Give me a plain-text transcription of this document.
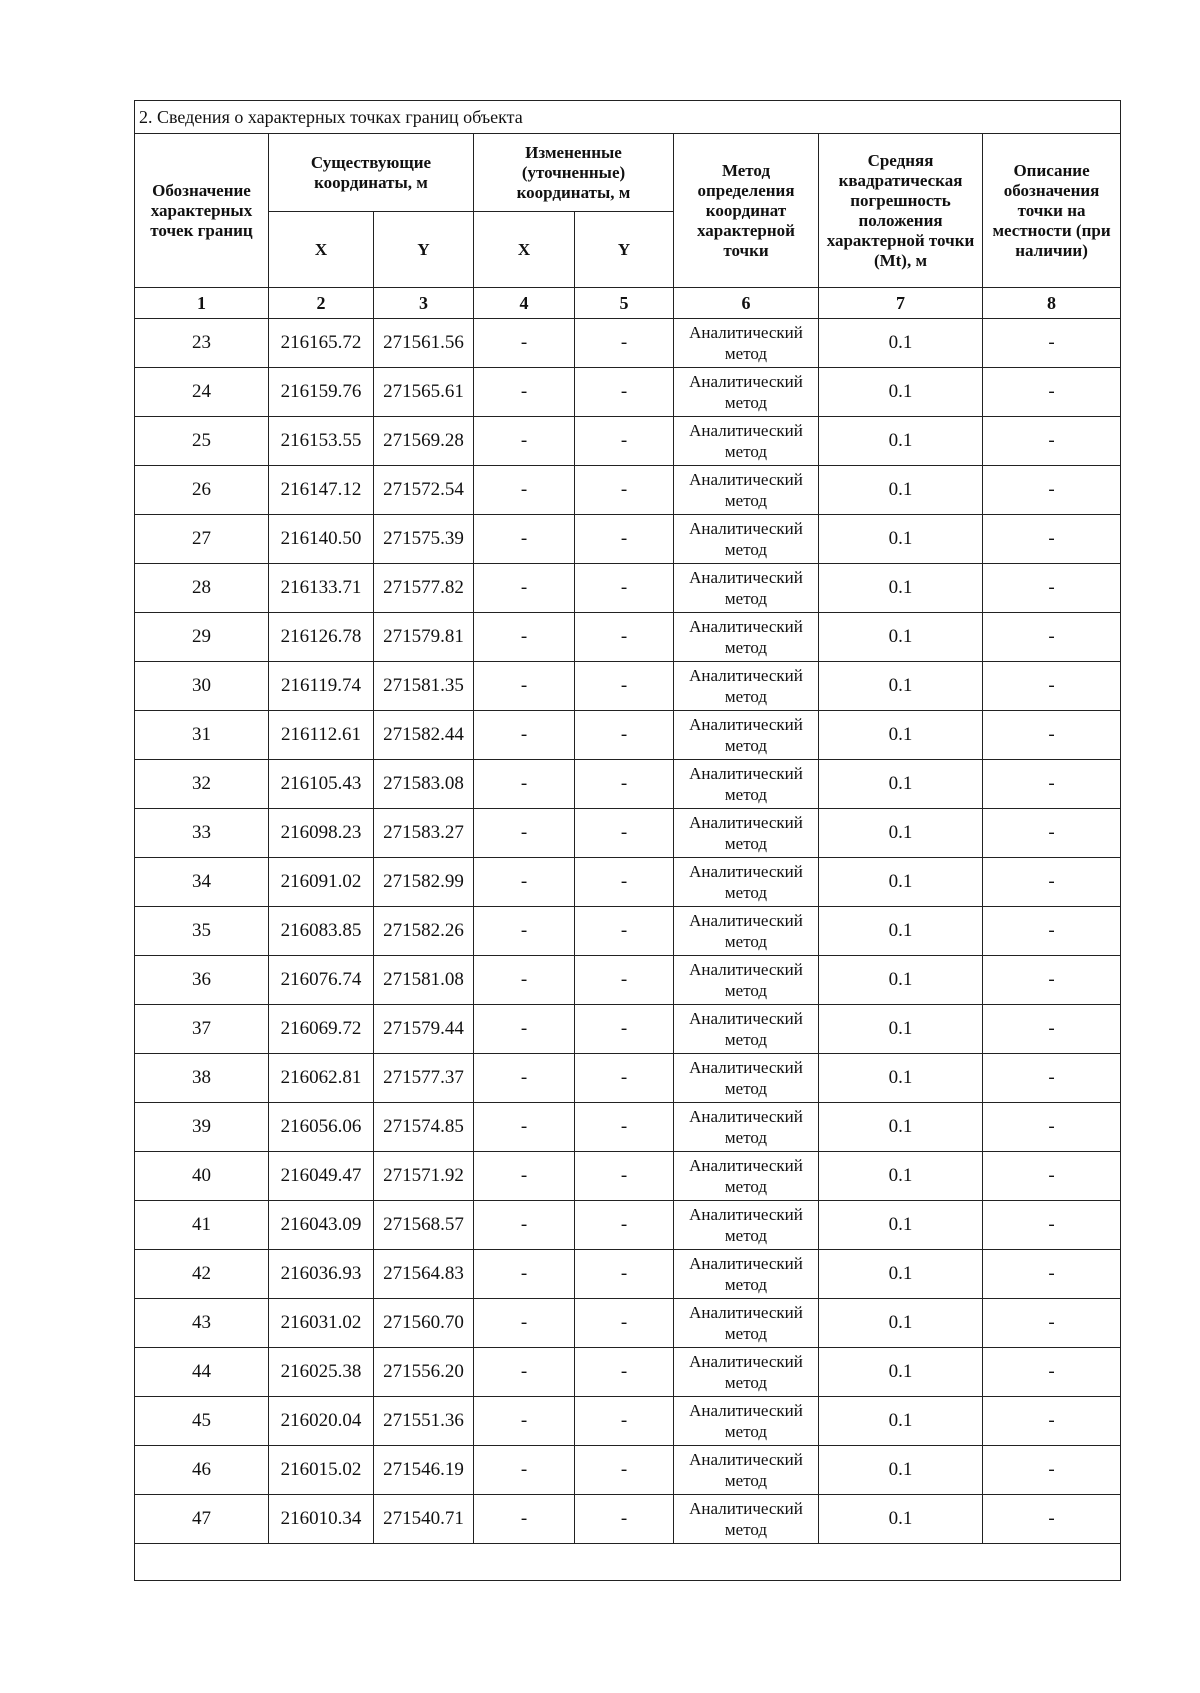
2. Сведения о характерных точках границ объекта							
Обозначение характерных точек границ	Существующие координаты, м		Измененные (уточненные) координаты, м		Метод определения координат характерной точки	Средняя квадратическая погрешность положения характерной точки (Mt), м	Описание обозначения точки на местности (при наличии)
	X	Y	X	Y			
1	2	3	4	5	6	7	8
23	216165.72	271561.56	-	-	Аналитический метод	0.1	-
24	216159.76	271565.61	-	-	Аналитический метод	0.1	-
25	216153.55	271569.28	-	-	Аналитический метод	0.1	-
26	216147.12	271572.54	-	-	Аналитический метод	0.1	-
27	216140.50	271575.39	-	-	Аналитический метод	0.1	-
28	216133.71	271577.82	-	-	Аналитический метод	0.1	-
29	216126.78	271579.81	-	-	Аналитический метод	0.1	-
30	216119.74	271581.35	-	-	Аналитический метод	0.1	-
31	216112.61	271582.44	-	-	Аналитический метод	0.1	-
32	216105.43	271583.08	-	-	Аналитический метод	0.1	-
33	216098.23	271583.27	-	-	Аналитический метод	0.1	-
34	216091.02	271582.99	-	-	Аналитический метод	0.1	-
35	216083.85	271582.26	-	-	Аналитический метод	0.1	-
36	216076.74	271581.08	-	-	Аналитический метод	0.1	-
37	216069.72	271579.44	-	-	Аналитический метод	0.1	-
38	216062.81	271577.37	-	-	Аналитический метод	0.1	-
39	216056.06	271574.85	-	-	Аналитический метод	0.1	-
40	216049.47	271571.92	-	-	Аналитический метод	0.1	-
41	216043.09	271568.57	-	-	Аналитический метод	0.1	-
42	216036.93	271564.83	-	-	Аналитический метод	0.1	-
43	216031.02	271560.70	-	-	Аналитический метод	0.1	-
44	216025.38	271556.20	-	-	Аналитический метод	0.1	-
45	216020.04	271551.36	-	-	Аналитический метод	0.1	-
46	216015.02	271546.19	-	-	Аналитический метод	0.1	-
47	216010.34	271540.71	-	-	Аналитический метод	0.1	-
